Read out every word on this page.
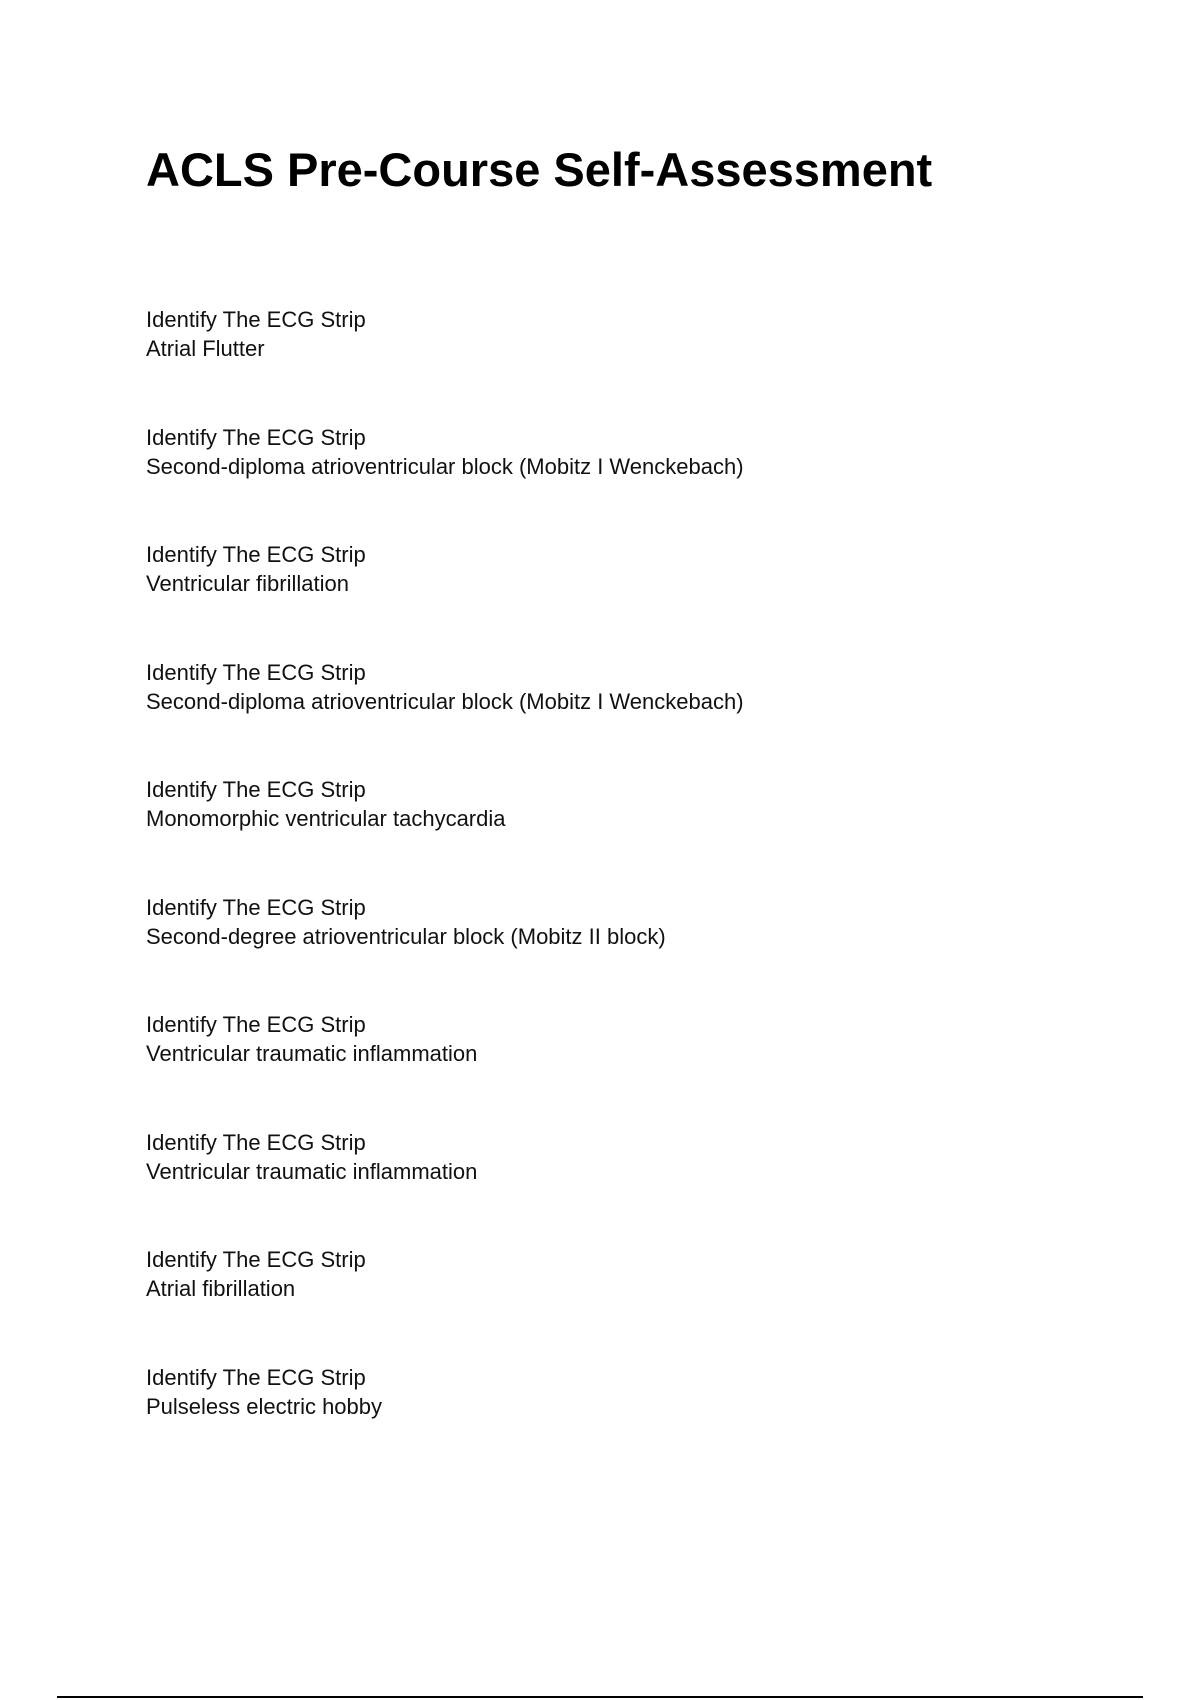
ACLS Pre-Course Self-Assessment
Identify The ECG Strip
Atrial Flutter
Identify The ECG Strip
Second-diploma atrioventricular block (Mobitz I Wenckebach)
Identify The ECG Strip
Ventricular fibrillation
Identify The ECG Strip
Second-diploma atrioventricular block (Mobitz I Wenckebach)
Identify The ECG Strip
Monomorphic ventricular tachycardia
Identify The ECG Strip
Second-degree atrioventricular block (Mobitz II block)
Identify The ECG Strip
Ventricular traumatic inflammation
Identify The ECG Strip
Ventricular traumatic inflammation
Identify The ECG Strip
Atrial fibrillation
Identify The ECG Strip
Pulseless electric hobby
